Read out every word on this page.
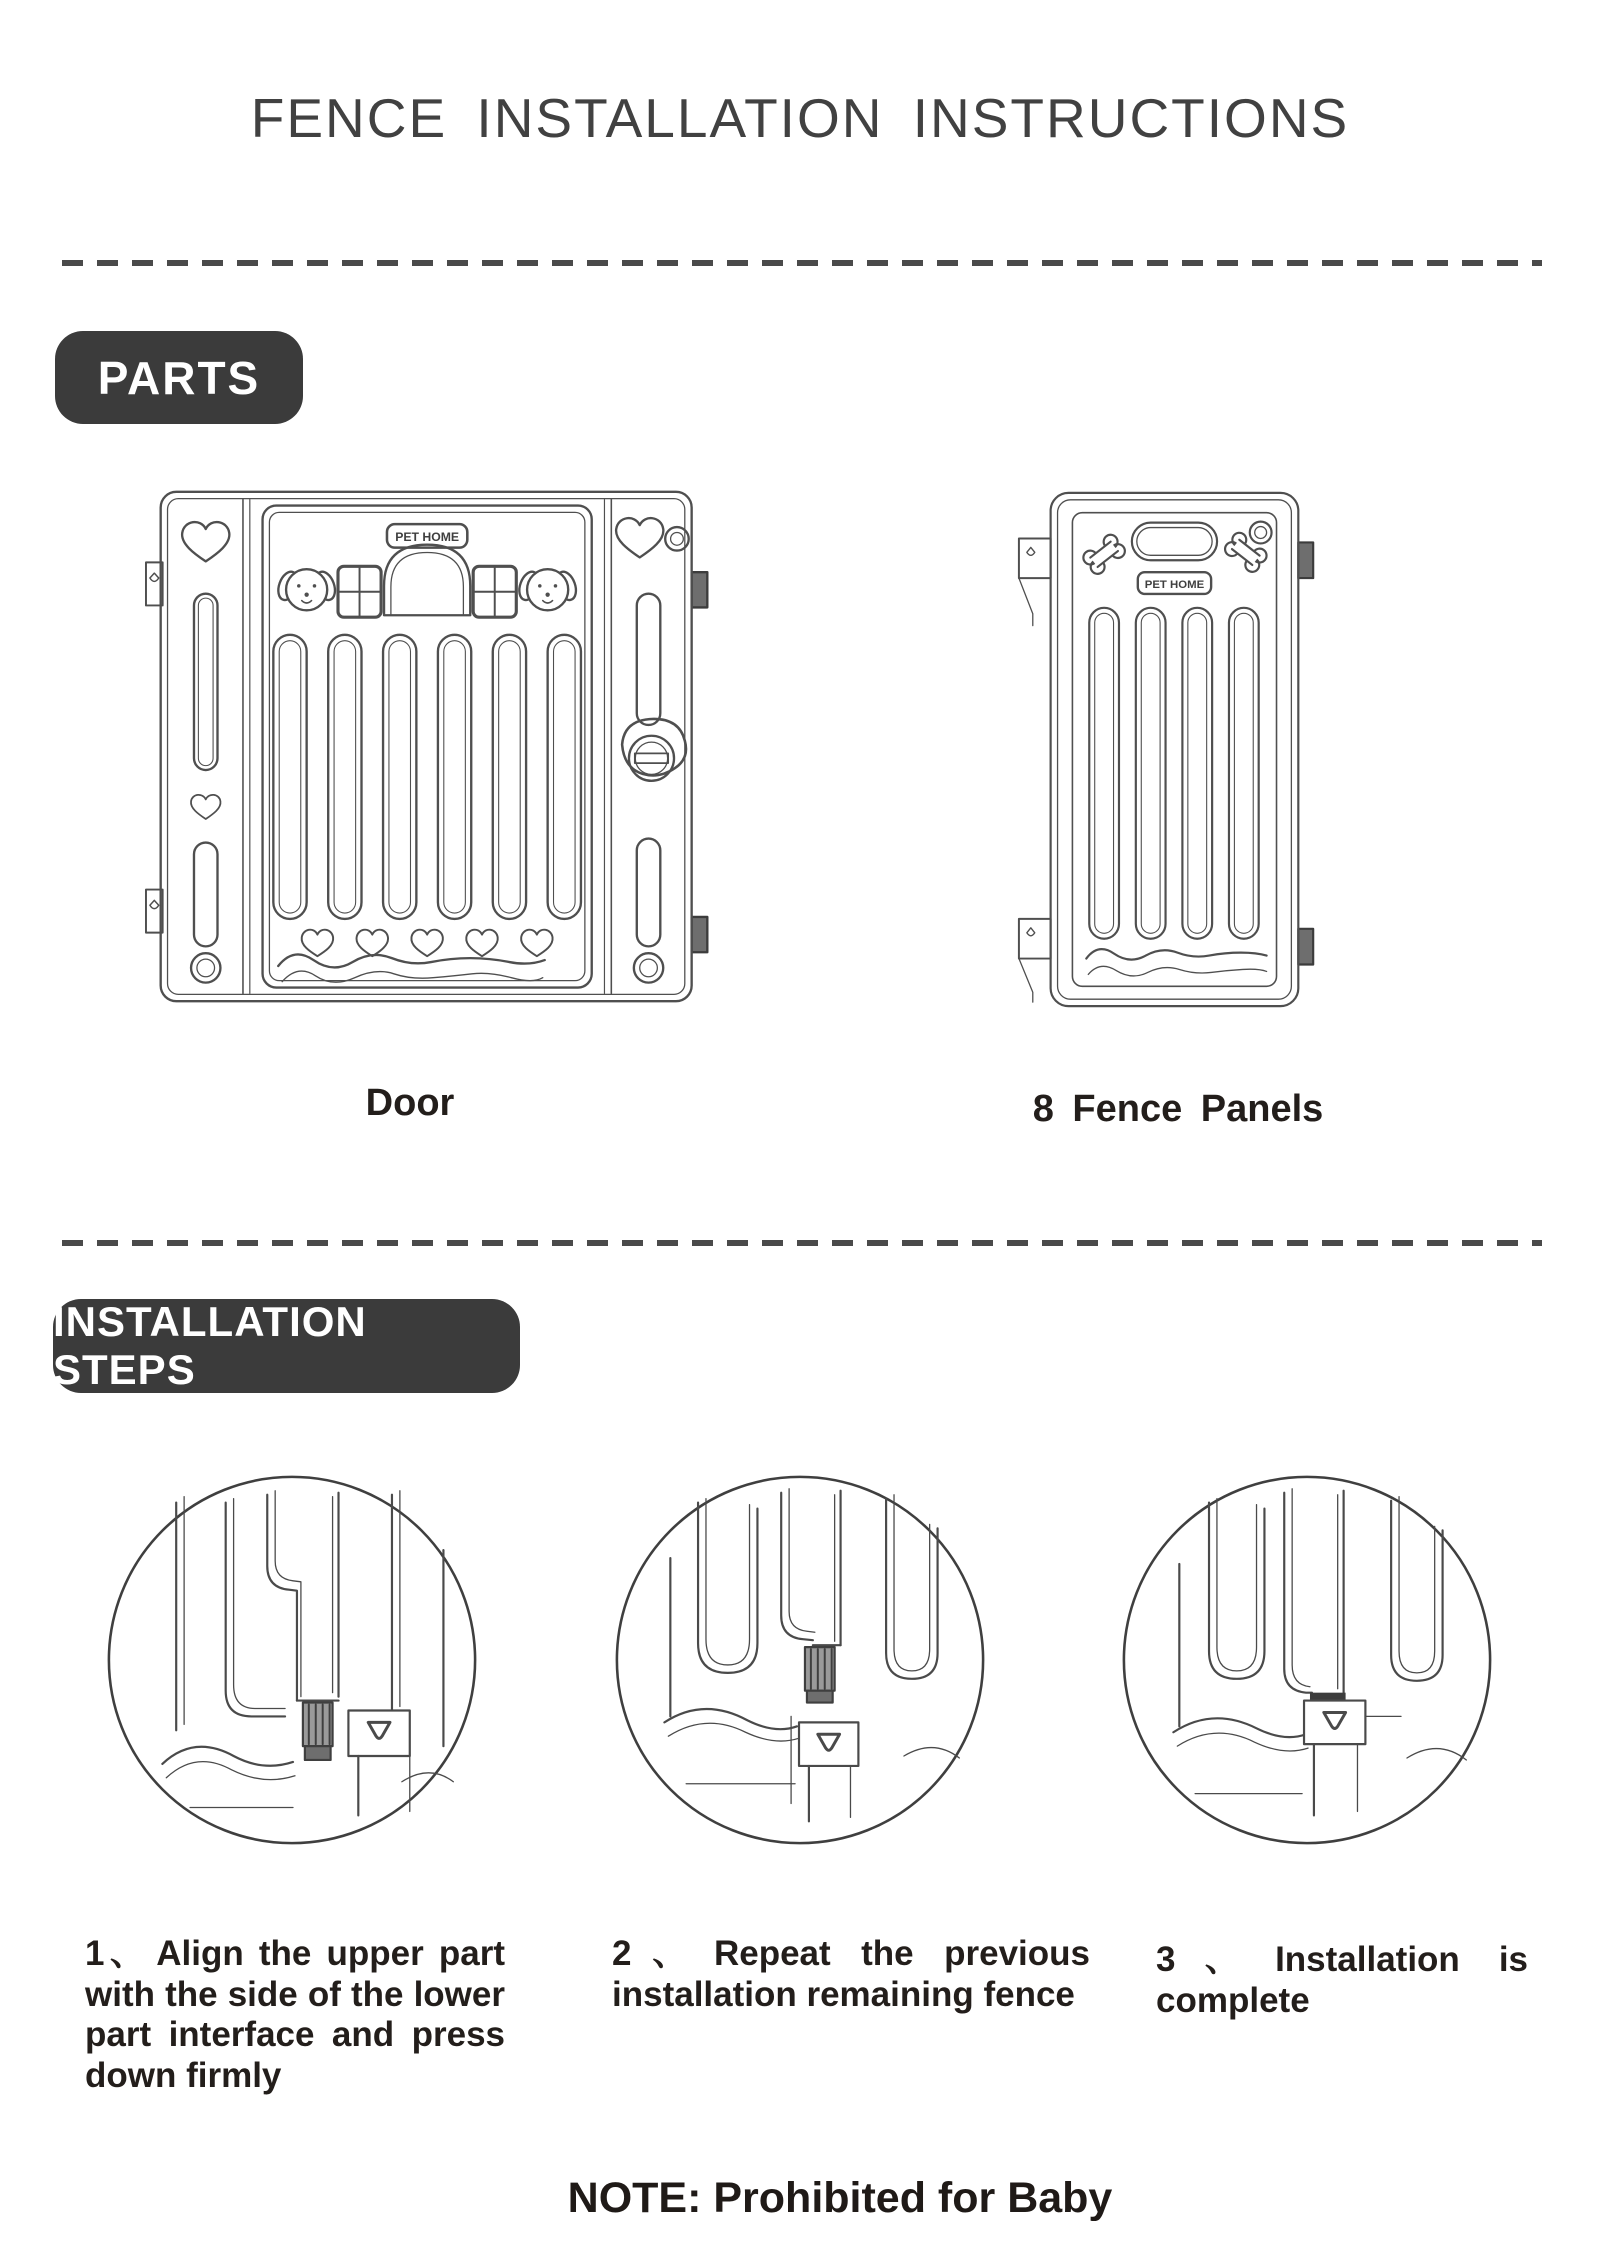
FENCE INSTALLATION INSTRUCTIONS
PARTS
PET HOME
PET HOME
Door	8 Fence Panels
INSTALLATION STEPS
1、 Align the upper part with the side of the lower part interface and press down firmly
2、 Repeat the previous installation remaining fence
3、 Installation is complete
NOTE: Prohibited for Baby
